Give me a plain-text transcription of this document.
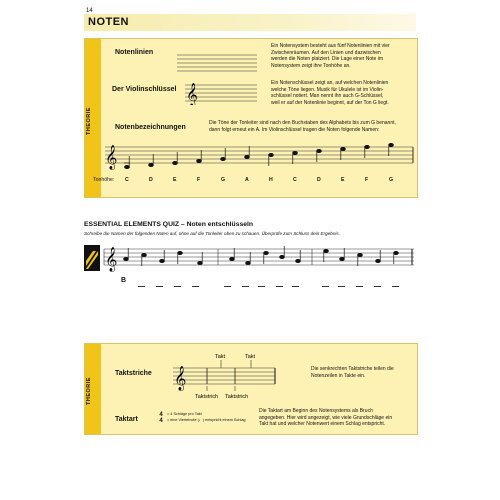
14
NOTEN
THEORIE
Notenlinien
Ein Notensystem besteht aus fünf Notenlinien mit vier
Zwischenräumen. Auf den Linien und dazwischen
werden die Noten platziert. Die Lage einer Note im
Notensystem zeigt ihre Tonhöhe an.
Der Violinschlüssel 𝄞	Ein Notenschlüssel zeigt an, auf welchen Notenlinien
welche Töne liegen. Musik für Ukulele ist im Violin-
schlüssel notiert. Man nennt ihn auch G-Schlüssel,
weil er auf der Notenlinie beginnt, auf der Ton G liegt.
Notenbezeichnungen
Die Töne der Tonleiter sind nach den Buchstaben des Alphabets bis zum G benannt,
dann folgt erneut ein A. Im Violinschlüssel tragen die Noten folgende Namen:
𝄞
Tonhöhe: C	D	E	F	G	A	H	C	D	E	F	G
ESSENTIAL ELEMENTS QUIZ – Noten entschlüsseln
Schreibe die Namen der folgenden Noten auf, ohne auf die Tonleiter oben zu schauen. Überprüfe zum Schluss dein Ergebnis.
𝄞
B
THEORIE
Taktstriche
Takt	Takt
𝄞
Taktstrich Taktstrich
Die senkrechten Taktstriche teilen die
Notenzeilen in Takte ein.
Taktart
4
4
= 4 Schläge pro Takt
= eine Viertelnote (♩) entspricht einem Schlag
Die Taktart am Beginn des Notensystems als Bruch
angegeben. Hier wird angezeigt, wie viele Grundschläge ein
Takt hat und welcher Notenwert einem Schlag entspricht.
